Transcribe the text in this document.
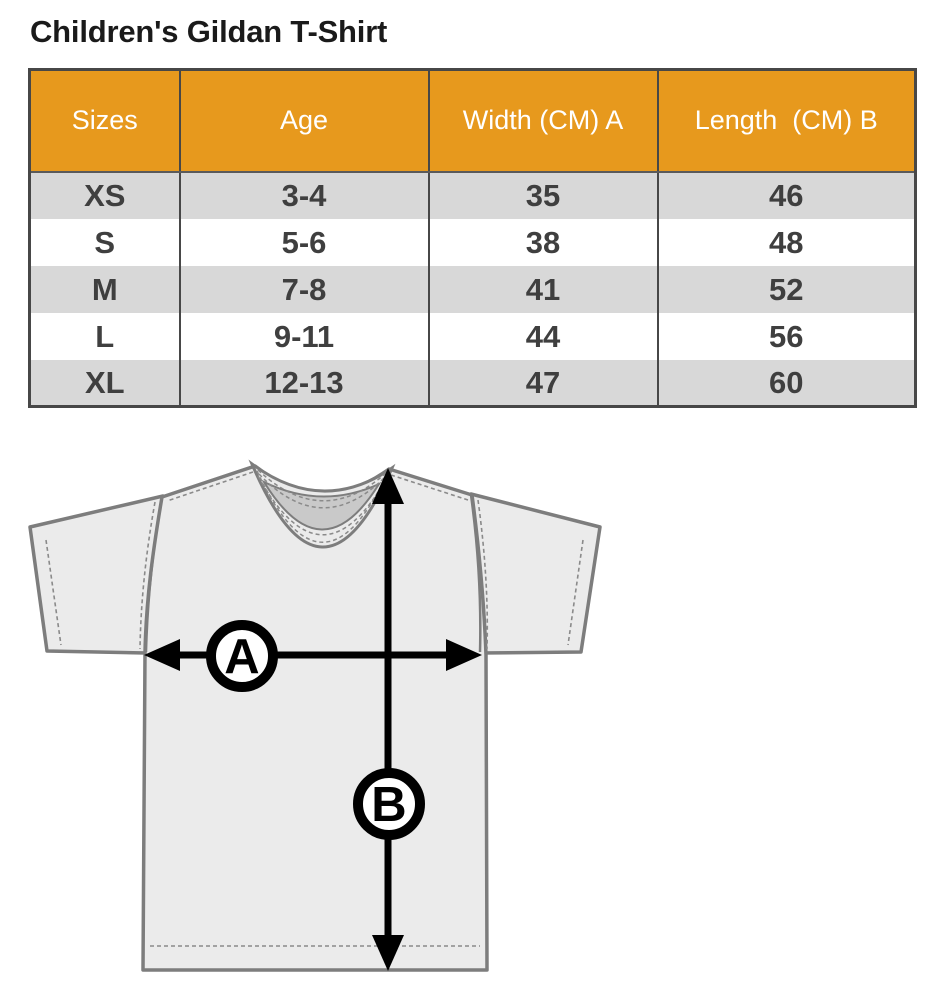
Children's Gildan T-Shirt
Sizes	Age	Width (CM) A	Length  (CM) B
XS	3-4	35	46
S	5-6	38	48
M	7-8	41	52
L	9-11	44	56
XL	12-13	47	60
A
B
